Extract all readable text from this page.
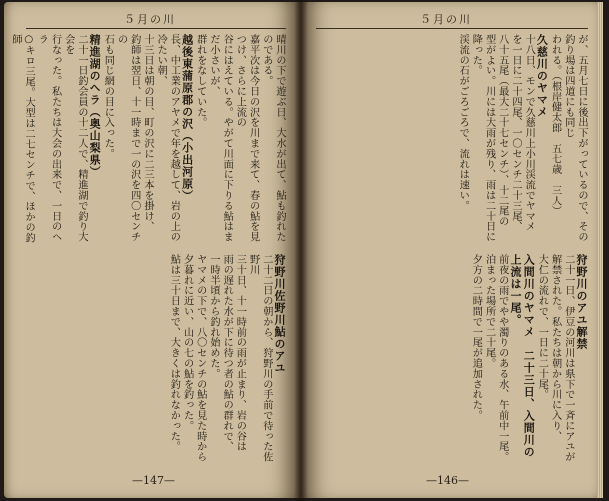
５月の川

晴川の下で遊ぶ日、大水が出て、鮎も釣れたのである。

嘉平次は今日の沢を川まで来て、春の鮎を見つけ、さらに上流の

谷にはえている。やがて川面に下りる鮎はまだ小さいが、

群れをなしていた。

越後東蒲原郡の沢（小出河原）

長、中工業のアヤメで年を越して、岩の上の冷たい朝、

十三日は朝の目、町の沢に二三本を掛け、

釣師は翌日、十一時まで一の沢を四〇センチの

石も同じ網の目に入った。

精進湖のヘラ（奥山梨県）

二十一日釣会員の十二人で、精進湖で釣り大会を

行なった。私たちは大会の出来で、一日のヘラ

○キロ三尾。大型は二七センチで、ほかの釣師

狩野川佐野川鮎のアユ

二十二日の朝から、狩野川の手前で待った佐野川

三十日、十一時前の雨が止まり、岩の谷は

雨の遅れた水が下に待つ者の鮎の群れで、

一時半頃から釣れ始めた。

ヤマメの下で、八〇センチの鮎を見た時から

夕暮れに近い、山の七の鮎を釣った。

鮎は三十日まで、大きくは釣れなかった。

—147—
５月の川

が、五月七日に後出下がっているので、その釣り場は四道にも同じ

われる。（根岸健太郎　五七歳　三人）

久慈川のヤマメ

十八日、モンで久慈川上小川渓流でヤマメ

を一日に二十四尾、一〇センチ二十三尾、

八十五尾（最大二十七センチ）、十二尾の

型がよい。川には大雨が残り、雨は二十日に降った。

渓流の石がごろごろで、流れは速い。

狩野川のアユ解禁

二十一日、伊豆の河川は県下で一斉にアユが

解禁された。私たちは朝から川に入り、

大仁の流れで、一日に二十尾。

入間川のヤマメ　二十三日、入間川の上流は一尾。

前夜の雨でやや濁りのある水、午前中一尾。

泊まった場所で二十尾。

夕方の二時間で一尾が追加された。

—146—
